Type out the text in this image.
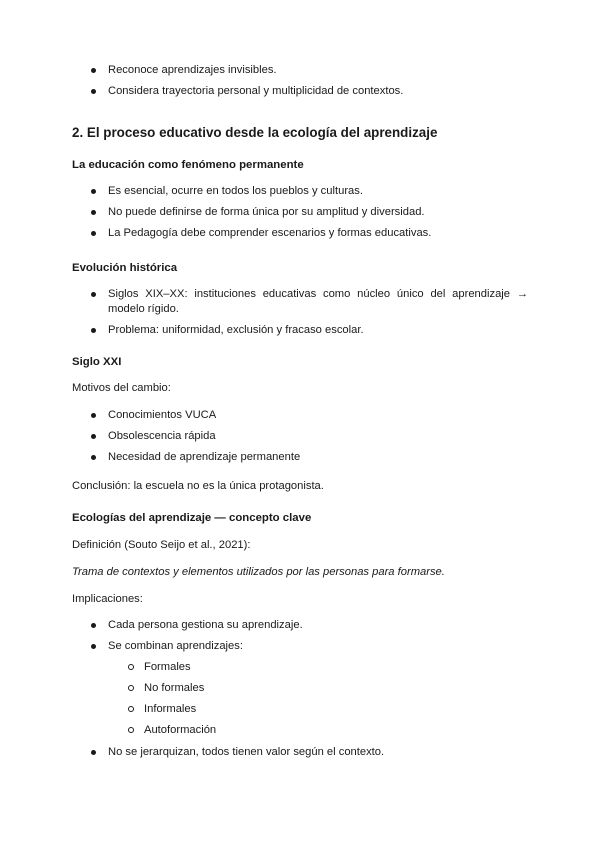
Reconoce aprendizajes invisibles.
Considera trayectoria personal y multiplicidad de contextos.
2. El proceso educativo desde la ecología del aprendizaje
La educación como fenómeno permanente
Es esencial, ocurre en todos los pueblos y culturas.
No puede definirse de forma única por su amplitud y diversidad.
La Pedagogía debe comprender escenarios y formas educativas.
Evolución histórica
Siglos XIX–XX: instituciones educativas como núcleo único del aprendizaje → modelo rígido.
Problema: uniformidad, exclusión y fracaso escolar.
Siglo XXI
Motivos del cambio:
Conocimientos VUCA
Obsolescencia rápida
Necesidad de aprendizaje permanente
Conclusión: la escuela no es la única protagonista.
Ecologías del aprendizaje — concepto clave
Definición (Souto Seijo et al., 2021):
Trama de contextos y elementos utilizados por las personas para formarse.
Implicaciones:
Cada persona gestiona su aprendizaje.
Se combinan aprendizajes:
Formales
No formales
Informales
Autoformación
No se jerarquizan, todos tienen valor según el contexto.
